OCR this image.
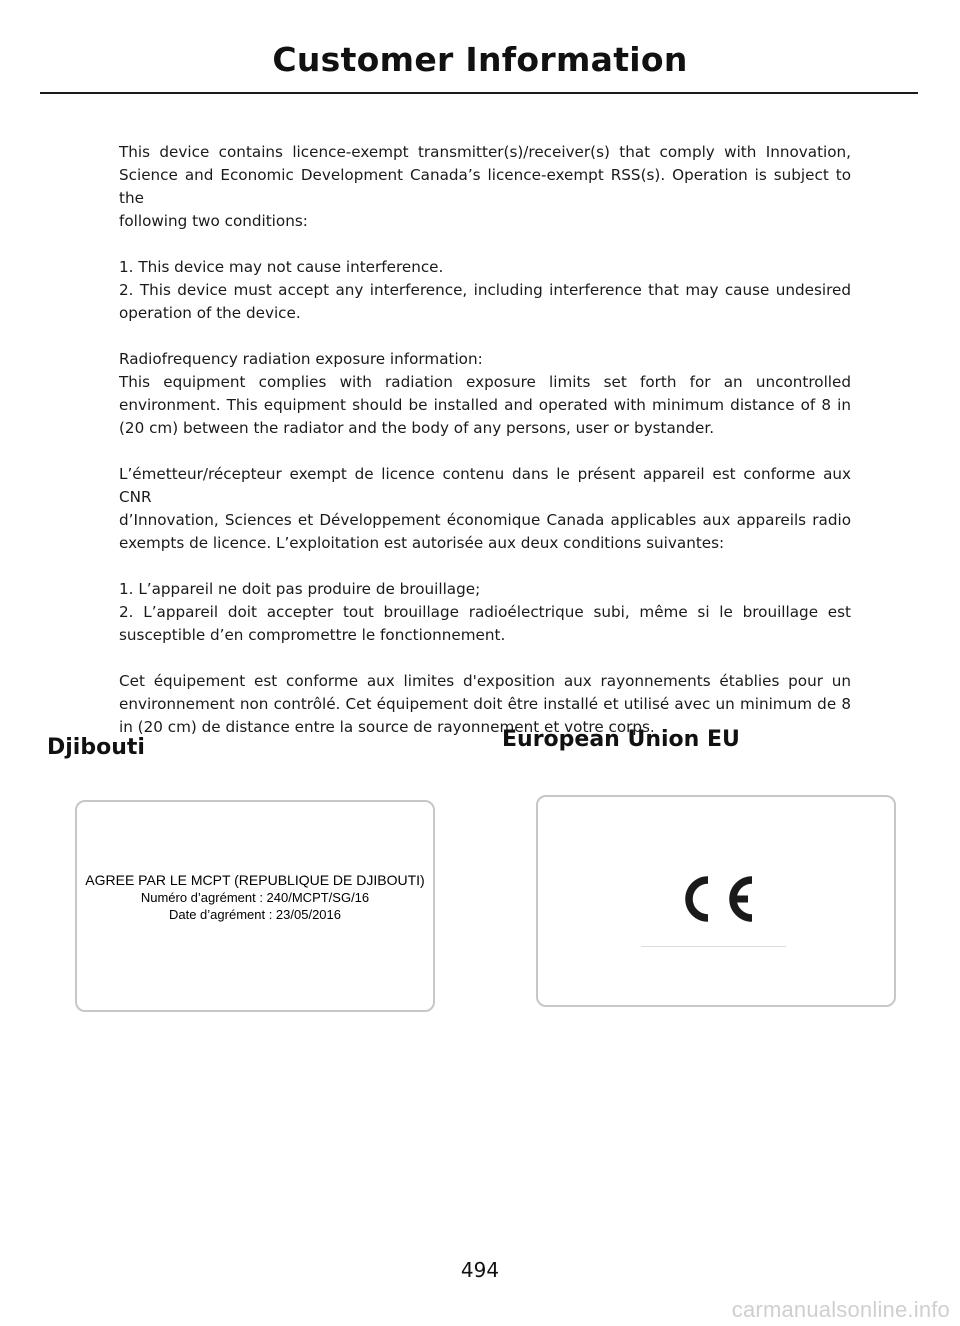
Customer Information

This device contains licence-exempt transmitter(s)/receiver(s) that comply with Innovation,
Science and Economic Development Canada’s licence-exempt RSS(s). Operation is subject to the
following two conditions:

1. This device may not cause interference.
2. This device must accept any interference, including interference that may cause undesired
operation of the device.

Radiofrequency radiation exposure information:
This equipment complies with radiation exposure limits set forth for an uncontrolled
environment. This equipment should be installed and operated with minimum distance of 8 in
(20 cm) between the radiator and the body of any persons, user or bystander.

L’émetteur/récepteur exempt de licence contenu dans le présent appareil est conforme aux CNR
d’Innovation, Sciences et Développement économique Canada applicables aux appareils radio
exempts de licence. L’exploitation est autorisée aux deux conditions suivantes:

1. L’appareil ne doit pas produire de brouillage;
2. L’appareil doit accepter tout brouillage radioélectrique subi, même si le brouillage est
susceptible d’en compromettre le fonctionnement.

Cet équipement est conforme aux limites d'exposition aux rayonnements établies pour un
environnement non contrôlé. Cet équipement doit être installé et utilisé avec un minimum de 8
in (20 cm) de distance entre la source de rayonnement et votre corps.

Djibouti	European Union EU
AGREE PAR LE MCPT (REPUBLIQUE DE DJIBOUTI)
Numéro d’agrément : 240/MCPT/SG/16
Date d’agrément : 23/05/2016
494
carmanualsonline.info
